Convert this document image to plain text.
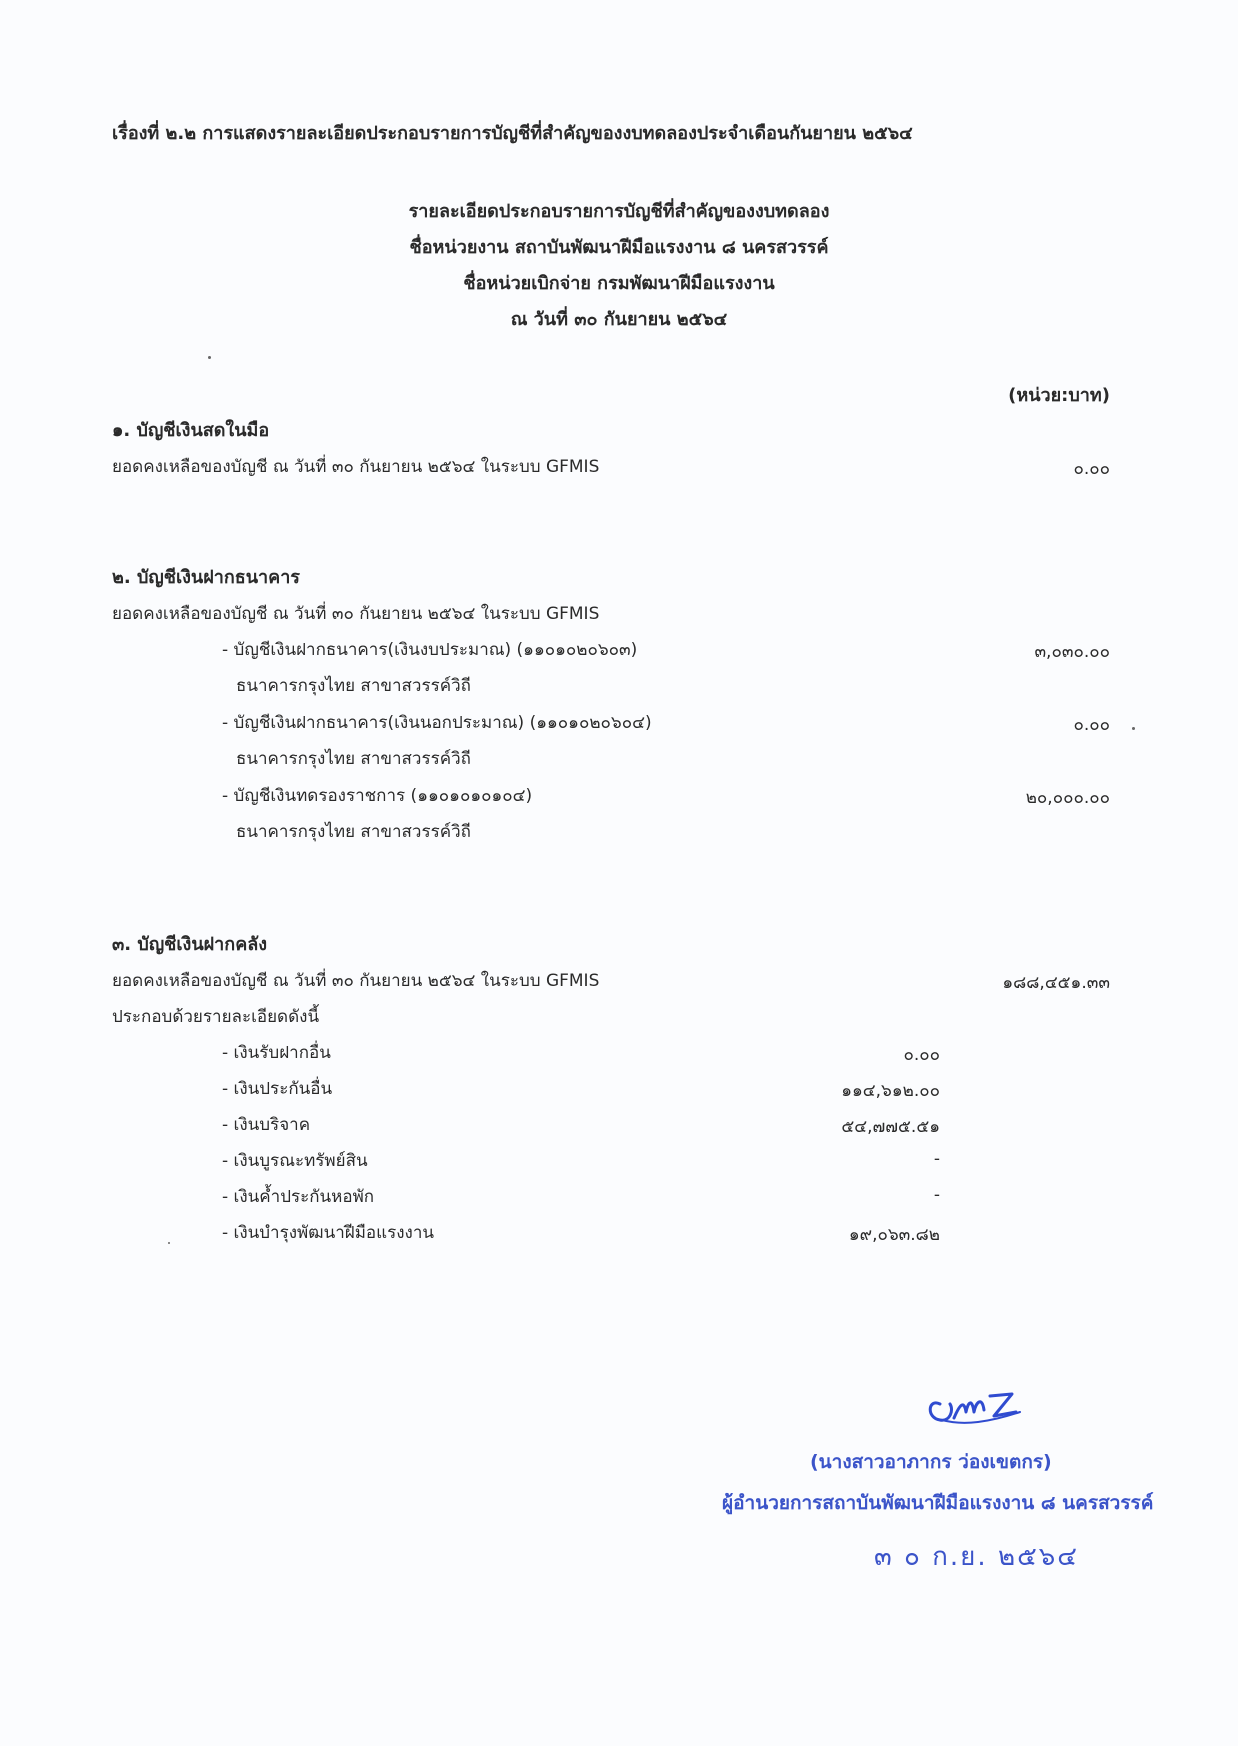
เรื่องที่ ๒.๒ การแสดงรายละเอียดประกอบรายการบัญชีที่สำคัญของงบทดลองประจำเดือนกันยายน ๒๕๖๔
รายละเอียดประกอบรายการบัญชีที่สำคัญของงบทดลอง
ชื่อหน่วยงาน สถาบันพัฒนาฝีมือแรงงาน ๘ นครสวรรค์
ชื่อหน่วยเบิกจ่าย กรมพัฒนาฝีมือแรงงาน
ณ วันที่ ๓๐ กันยายน ๒๕๖๔
(หน่วย:บาท)
๑. บัญชีเงินสดในมือ
ยอดคงเหลือของบัญชี ณ วันที่ ๓๐ กันยายน ๒๕๖๔ ในระบบ GFMIS	๐.๐๐
๒. บัญชีเงินฝากธนาคาร
ยอดคงเหลือของบัญชี ณ วันที่ ๓๐ กันยายน ๒๕๖๔ ในระบบ GFMIS
- บัญชีเงินฝากธนาคาร(เงินงบประมาณ) (๑๑๐๑๐๒๐๖๐๓)	๓,๐๓๐.๐๐
ธนาคารกรุงไทย สาขาสวรรค์วิถี
- บัญชีเงินฝากธนาคาร(เงินนอกประมาณ) (๑๑๐๑๐๒๐๖๐๔)	๐.๐๐
ธนาคารกรุงไทย สาขาสวรรค์วิถี
- บัญชีเงินทดรองราชการ (๑๑๐๑๐๑๐๑๐๔)	๒๐,๐๐๐.๐๐
ธนาคารกรุงไทย สาขาสวรรค์วิถี
๓. บัญชีเงินฝากคลัง
ยอดคงเหลือของบัญชี ณ วันที่ ๓๐ กันยายน ๒๕๖๔ ในระบบ GFMIS	๑๘๘,๔๕๑.๓๓
ประกอบด้วยรายละเอียดดังนี้
- เงินรับฝากอื่น	๐.๐๐
- เงินประกันอื่น	๑๑๔,๖๑๒.๐๐
- เงินบริจาค	๕๔,๗๗๕.๕๑
- เงินบูรณะทรัพย์สิน	-
- เงินค้ำประกันหอพัก	-
- เงินบำรุงพัฒนาฝีมือแรงงาน	๑๙,๐๖๓.๘๒
(นางสาวอาภากร ว่องเขตกร)
ผู้อำนวยการสถาบันพัฒนาฝีมือแรงงาน ๘ นครสวรรค์
๓ ๐ ก.ย. ๒๕๖๔
